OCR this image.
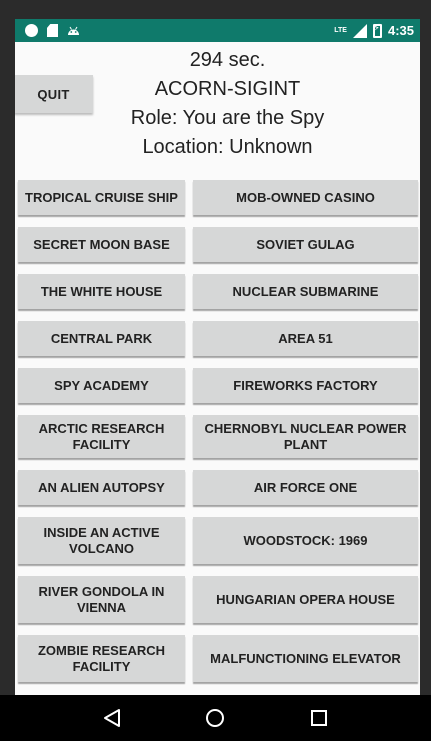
LTE
⚡	4:35
QUIT
294 sec.
ACORN-SIGINT
Role: You are the Spy
Location: Unknown
TROPICAL CRUISE SHIP	MOB-OWNED CASINO
SECRET MOON BASE	SOVIET GULAG
THE WHITE HOUSE	NUCLEAR SUBMARINE
CENTRAL PARK	AREA 51
SPY ACADEMY	FIREWORKS FACTORY
ARCTIC RESEARCH FACILITY
CHERNOBYL NUCLEAR POWER PLANT
AN ALIEN AUTOPSY	AIR FORCE ONE
INSIDE AN ACTIVE VOLCANO
WOODSTOCK: 1969
RIVER GONDOLA IN VIENNA
HUNGARIAN OPERA HOUSE
ZOMBIE RESEARCH FACILITY
MALFUNCTIONING ELEVATOR
